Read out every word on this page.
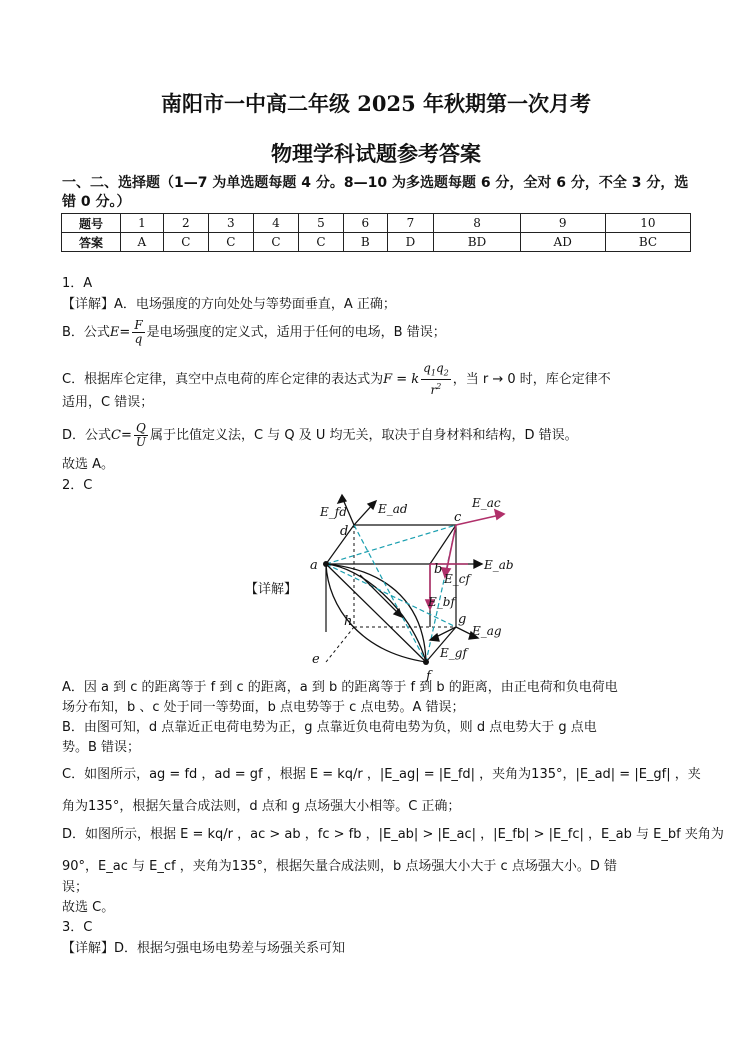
南阳市一中高二年级 2025 年秋期第一次月考
物理学科试题参考答案
一、二、选择题（1—7 为单选题每题 4 分。8—10 为多选题每题 6 分，全对 6 分，不全 3 分，选
错 0 分。）
题号	1	2	3	4	5	6	7	8	9	10
答案	A	C	C	C	C	B	D	BD	AD	BC
1．A
【详解】A．电场强度的方向处处与等势面垂直，A 正确；
B．公式$E= \frac{F}{q}$ 是电场强度的定义式，适用于任何的电场，B 错误；
C．根据库仑定律，真空中点电荷的库仑定律的表达式为F = k $\frac{q_1q_2}{r^2}$ ，当 r → 0 时，库仑定律不
适用，C 错误；
D．公式$C= \frac{Q}{U}$ 属于比值定义法，C 与 Q 及 U 均无关，取决于自身材料和结构，D 错误。
故选 A。
2．C
【详解】
a	b
c
d
e
f
g
h
E_fd	E_ad	E_ac
E_ab
E_cf
E_bf
E_ag
E_gf
A．因 a 到 c 的距离等于 f 到 c 的距离，a 到 b 的距离等于 f 到 b 的距离，由正电荷和负电荷电
场分布知，b 、c 处于同一等势面，b 点电势等于 c 点电势。A 错误；
B．由图可知，d 点靠近正电荷电势为正，g 点靠近负电荷电势为负，则 d 点电势大于 g 点电
势。B 错误；
C．如图所示，ag = fd ，ad = gf ，根据 E = kq/r ，|E_ag| = |E_fd| ，夹角为135°，|E_ad| = |E_gf| ，夹
角为135°，根据矢量合成法则，d 点和 g 点场强大小相等。C 正确；
D．如图所示，根据 E = kq/r ，ac > ab ，fc > fb ，|E_ab| > |E_ac| ，|E_fb| > |E_fc| ，E_ab 与 E_bf 夹角为
90°，E_ac 与 E_cf ，夹角为135°，根据矢量合成法则，b 点场强大小大于 c 点场强大小。D 错
误；
故选 C。
3．C
【详解】D．根据匀强电场电势差与场强关系可知
